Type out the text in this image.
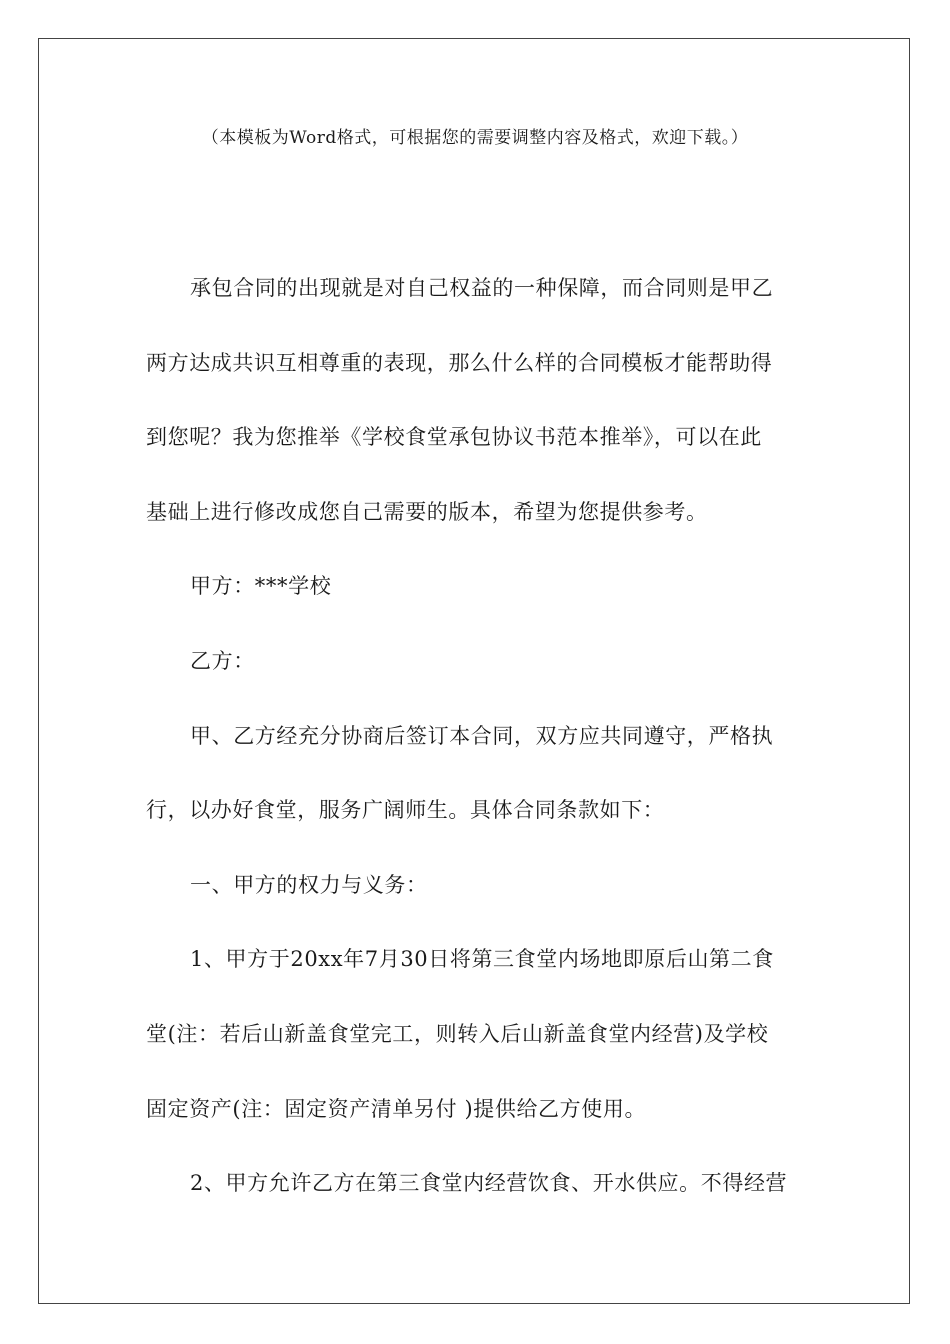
（本模板为Word格式，可根据您的需要调整内容及格式，欢迎下载。）
承包合同的出现就是对自己权益的一种保障，而合同则是甲乙
两方达成共识互相尊重的表现，那么什么样的合同模板才能帮助得
到您呢？我为您推举《学校食堂承包协议书范本推举》，可以在此
基础上进行修改成您自己需要的版本，希望为您提供参考。
甲方：***学校
乙方：
甲、乙方经充分协商后签订本合同，双方应共同遵守，严格执
行，以办好食堂，服务广阔师生。具体合同条款如下：
一、甲方的权力与义务：
1、甲方于20xx年7月30日将第三食堂内场地即原后山第二食
堂(注：若后山新盖食堂完工，则转入后山新盖食堂内经营)及学校
固定资产(注：固定资产清单另付 )提供给乙方使用。
2、甲方允许乙方在第三食堂内经营饮食、开水供应。不得经营
